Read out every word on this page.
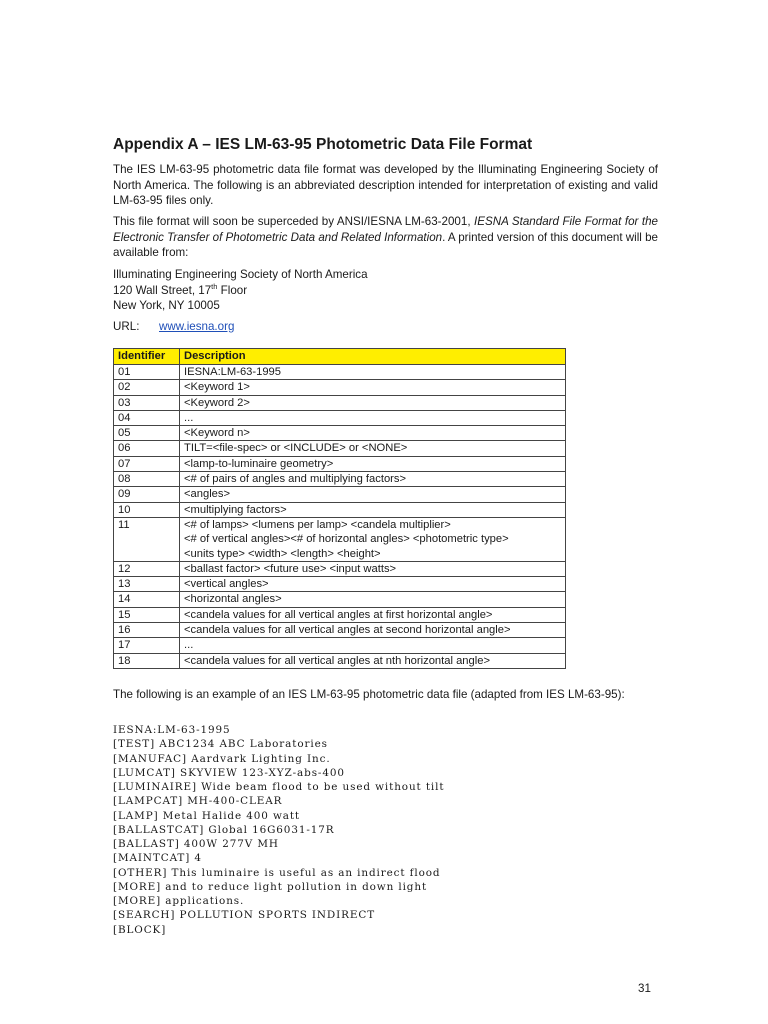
Appendix A – IES LM-63-95 Photometric Data File Format

The IES LM-63-95 photometric data file format was developed by the Illuminating Engineering Society of North America. The following is an abbreviated description intended for interpretation of existing and valid LM-63-95 files only.

This file format will soon be superceded by ANSI/IESNA LM-63-2001, IESNA Standard File Format for the Electronic Transfer of Photometric Data and Related Information. A printed version of this document will be available from:

Illuminating Engineering Society of North America
120 Wall Street, 17th Floor
New York, NY 10005
URL: www.iesna.org
Identifier	Description
01	IESNA:LM-63-1995

02	<Keyword 1>

03	<Keyword 2>

04	...

05	<Keyword n>

06	TILT=<file-spec> or <INCLUDE> or <NONE>

07	<lamp-to-luminaire geometry>

08	<# of pairs of angles and multiplying factors>

09	<angles>

10	<multiplying factors>

11	<# of lamps> <lumens per lamp> <candela multiplier>
<# of vertical angles><# of horizontal angles> <photometric type>
<units type> <width> <length> <height>

12	<ballast factor> <future use> <input watts>

13	<vertical angles>

14	<horizontal angles>

15	<candela values for all vertical angles at first horizontal angle>

16	<candela values for all vertical angles at second horizontal angle>

17	...

18	<candela values for all vertical angles at nth horizontal angle>

The following is an example of an IES LM-63-95 photometric data file (adapted from IES LM-63-95):

IESNA:LM-63-1995
[TEST] ABC1234 ABC Laboratories
[MANUFAC] Aardvark Lighting Inc.
[LUMCAT] SKYVIEW 123-XYZ-abs-400
[LUMINAIRE] Wide beam flood to be used without tilt
[LAMPCAT] MH-400-CLEAR
[LAMP] Metal Halide 400 watt
[BALLASTCAT] Global 16G6031-17R
[BALLAST] 400W 277V MH
[MAINTCAT] 4
[OTHER] This luminaire is useful as an indirect flood
[MORE] and to reduce light pollution in down light
[MORE] applications.
[SEARCH] POLLUTION SPORTS INDIRECT
[BLOCK]
31
